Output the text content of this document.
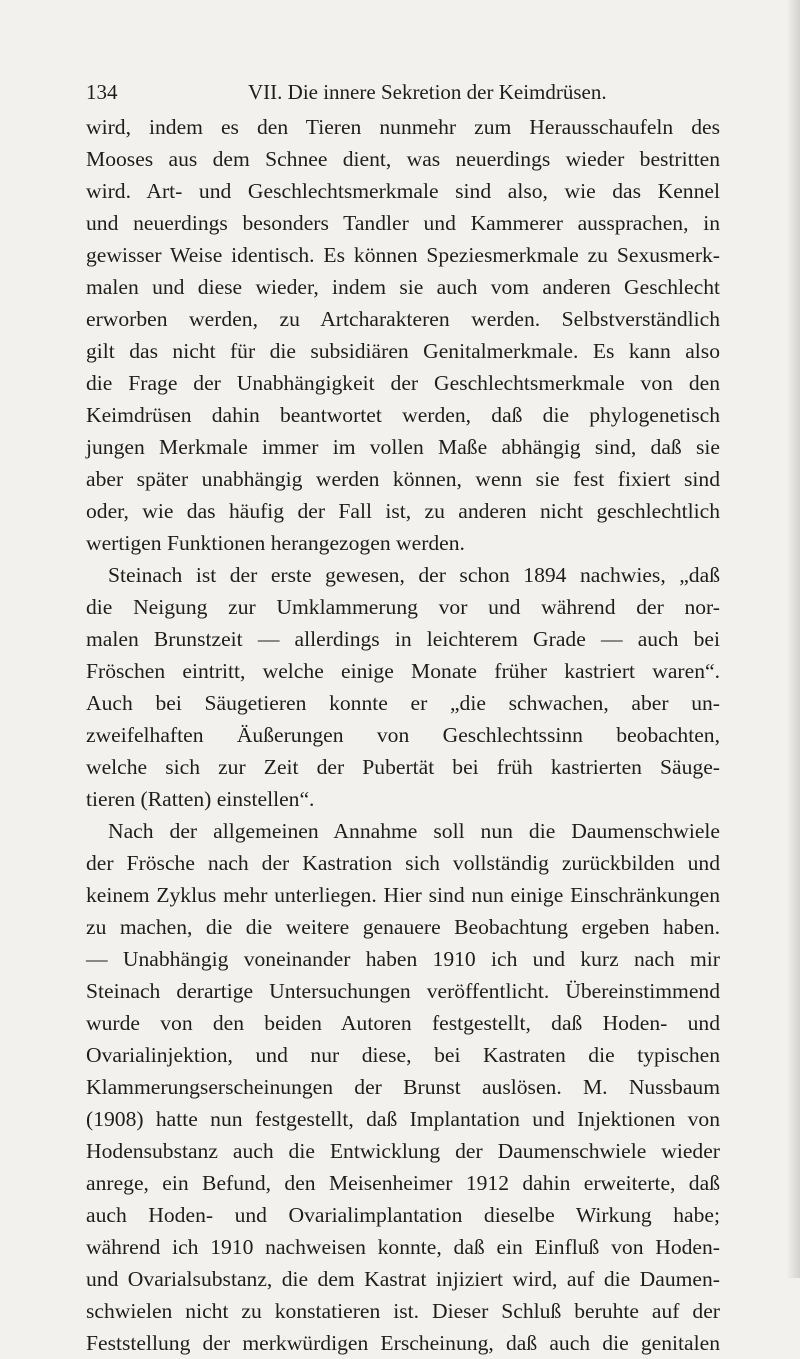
134	VII. Die innere Sekretion der Keimdrüsen.
wird, indem es den Tieren nunmehr zum Herausschaufeln des
Mooses aus dem Schnee dient, was neuerdings wieder bestritten
wird. Art- und Geschlechtsmerkmale sind also, wie das Kennel
und neuerdings besonders Tandler und Kammerer aussprachen, in
gewisser Weise identisch. Es können Speziesmerkmale zu Sexusmerk-
malen und diese wieder, indem sie auch vom anderen Geschlecht
erworben werden, zu Artcharakteren werden. Selbstverständlich
gilt das nicht für die subsidiären Genitalmerkmale. Es kann also
die Frage der Unabhängigkeit der Geschlechtsmerkmale von den
Keimdrüsen dahin beantwortet werden, daß die phylogenetisch
jungen Merkmale immer im vollen Maße abhängig sind, daß sie
aber später unabhängig werden können, wenn sie fest fixiert sind
oder, wie das häufig der Fall ist, zu anderen nicht geschlechtlich
wertigen Funktionen herangezogen werden.
Steinach ist der erste gewesen, der schon 1894 nachwies, „daß
die Neigung zur Umklammerung vor und während der nor-
malen Brunstzeit — allerdings in leichterem Grade — auch bei
Fröschen eintritt, welche einige Monate früher kastriert waren“.
Auch bei Säugetieren konnte er „die schwachen, aber un-
zweifelhaften Äußerungen von Geschlechtssinn beobachten,
welche sich zur Zeit der Pubertät bei früh kastrierten Säuge-
tieren (Ratten) einstellen“.
Nach der allgemeinen Annahme soll nun die Daumenschwiele
der Frösche nach der Kastration sich vollständig zurückbilden und
keinem Zyklus mehr unterliegen. Hier sind nun einige Einschränkungen
zu machen, die die weitere genauere Beobachtung ergeben haben.
— Unabhängig voneinander haben 1910 ich und kurz nach mir
Steinach derartige Untersuchungen veröffentlicht. Übereinstimmend
wurde von den beiden Autoren festgestellt, daß Hoden- und
Ovarialinjektion, und nur diese, bei Kastraten die typischen
Klammerungserscheinungen der Brunst auslösen. M. Nussbaum
(1908) hatte nun festgestellt, daß Implantation und Injektionen von
Hodensubstanz auch die Entwicklung der Daumenschwiele wieder
anrege, ein Befund, den Meisenheimer 1912 dahin erweiterte, daß
auch Hoden- und Ovarialimplantation dieselbe Wirkung habe;
während ich 1910 nachweisen konnte, daß ein Einfluß von Hoden-
und Ovarialsubstanz, die dem Kastrat injiziert wird, auf die Daumen-
schwielen nicht zu konstatieren ist. Dieser Schluß beruhte auf der
Feststellung der merkwürdigen Erscheinung, daß auch die genitalen
